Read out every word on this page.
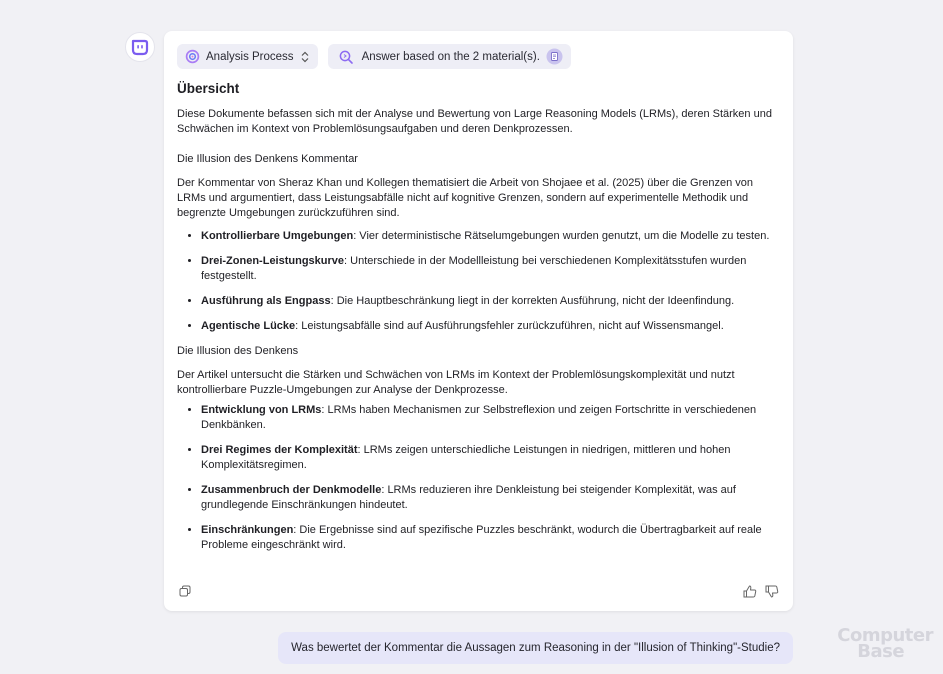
Analysis Process	Answer based on the 2 material(s).
Übersicht

Diese Dokumente befassen sich mit der Analyse und Bewertung von Large Reasoning Models (LRMs), deren Stärken und Schwächen im Kontext von Problemlösungsaufgaben und deren Denkprozessen.

Die Illusion des Denkens Kommentar

Der Kommentar von Sheraz Khan und Kollegen thematisiert die Arbeit von Shojaee et al. (2025) über die Grenzen von LRMs und argumentiert, dass Leistungsabfälle nicht auf kognitive Grenzen, sondern auf experimentelle Methodik und begrenzte Umgebungen zurückzuführen sind.

• Kontrollierbare Umgebungen: Vier deterministische Rätselumgebungen wurden genutzt, um die Modelle zu testen.
• Drei-Zonen-Leistungskurve: Unterschiede in der Modellleistung bei verschiedenen Komplexitätsstufen wurden festgestellt.
• Ausführung als Engpass: Die Hauptbeschränkung liegt in der korrekten Ausführung, nicht der Ideenfindung.
• Agentische Lücke: Leistungsabfälle sind auf Ausführungsfehler zurückzuführen, nicht auf Wissensmangel.

Die Illusion des Denkens

Der Artikel untersucht die Stärken und Schwächen von LRMs im Kontext der Problemlösungskomplexität und nutzt kontrollierbare Puzzle-Umgebungen zur Analyse der Denkprozesse.

• Entwicklung von LRMs: LRMs haben Mechanismen zur Selbstreflexion und zeigen Fortschritte in verschiedenen Denkbänken.
• Drei Regimes der Komplexität: LRMs zeigen unterschiedliche Leistungen in niedrigen, mittleren und hohen Komplexitätsregimen.
• Zusammenbruch der Denkmodelle: LRMs reduzieren ihre Denkleistung bei steigender Komplexität, was auf grundlegende Einschränkungen hindeutet.
• Einschränkungen: Die Ergebnisse sind auf spezifische Puzzles beschränkt, wodurch die Übertragbarkeit auf reale Probleme eingeschränkt wird.
Was bewertet der Kommentar die Aussagen zum Reasoning in der "Illusion of Thinking"-Studie?
Computer
Base
